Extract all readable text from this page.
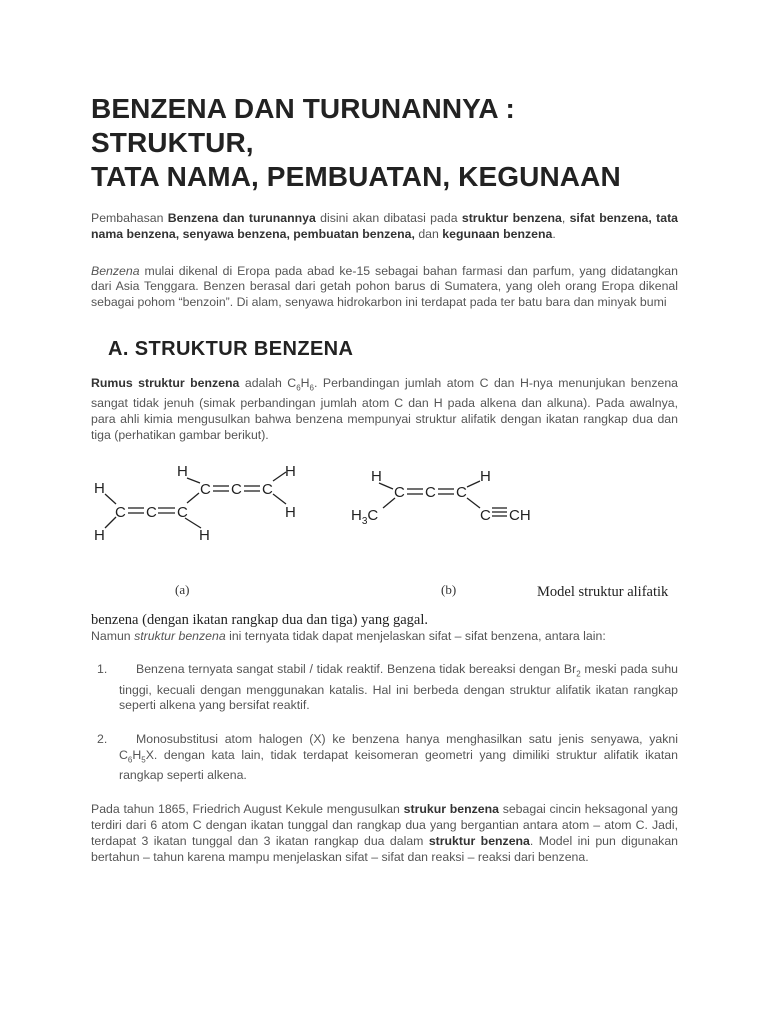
BENZENA DAN TURUNANNYA : STRUKTUR,
TATA NAMA, PEMBUATAN, KEGUNAAN

Pembahasan Benzena dan turunannya disini akan dibatasi pada struktur benzena, sifat benzena, tata nama benzena, senyawa benzena, pembuatan benzena, dan kegunaan benzena.

Benzena mulai dikenal di Eropa pada abad ke-15 sebagai bahan farmasi dan parfum, yang didatangkan dari Asia Tenggara. Benzen berasal dari getah pohon barus di Sumatera, yang oleh orang Eropa dikenal sebagai pohom “benzoin”. Di alam, senyawa hidrokarbon ini terdapat pada ter batu bara dan minyak bumi

A. STRUKTUR BENZENA

Rumus struktur benzena adalah $C_6H_6$. Perbandingan jumlah atom C dan H-nya menunjukan benzena sangat tidak jenuh (simak perbandingan jumlah atom C dan H pada alkena dan alkuna). Pada awalnya, para ahli kimia mengusulkan bahwa benzena mempunyai struktur alifatik dengan ikatan rangkap dua dan tiga (perhatikan gambar berikut).

H
H
C C C
H
H
C C C
H
H
H	H
C C C
$H_3C$	C CH
(a)	(b)	Model struktur alifatik
benzena (dengan ikatan rangkap dua dan tiga) yang gagal.

Namun struktur benzena ini ternyata tidak dapat menjelaskan sifat – sifat benzena, antara lain:

1.	Benzena ternyata sangat stabil / tidak reaktif. Benzena tidak bereaksi dengan $Br_2$ meski pada suhu tinggi, kecuali dengan menggunakan katalis. Hal ini berbeda dengan struktur alifatik ikatan rangkap seperti alkena yang bersifat reaktif.
2.	Monosubstitusi atom halogen (X) ke benzena hanya menghasilkan satu jenis senyawa, yakni $C_6H_5X$. dengan kata lain, tidak terdapat keisomeran geometri yang dimiliki struktur alifatik ikatan rangkap seperti alkena.

Pada tahun 1865, Friedrich August Kekule mengusulkan strukur benzena sebagai cincin heksagonal yang terdiri dari 6 atom C dengan ikatan tunggal dan rangkap dua yang bergantian antara atom – atom C. Jadi, terdapat 3 ikatan tunggal dan 3 ikatan rangkap dua dalam struktur benzena. Model ini pun digunakan bertahun – tahun karena mampu menjelaskan sifat – sifat dan reaksi – reaksi dari benzena.
